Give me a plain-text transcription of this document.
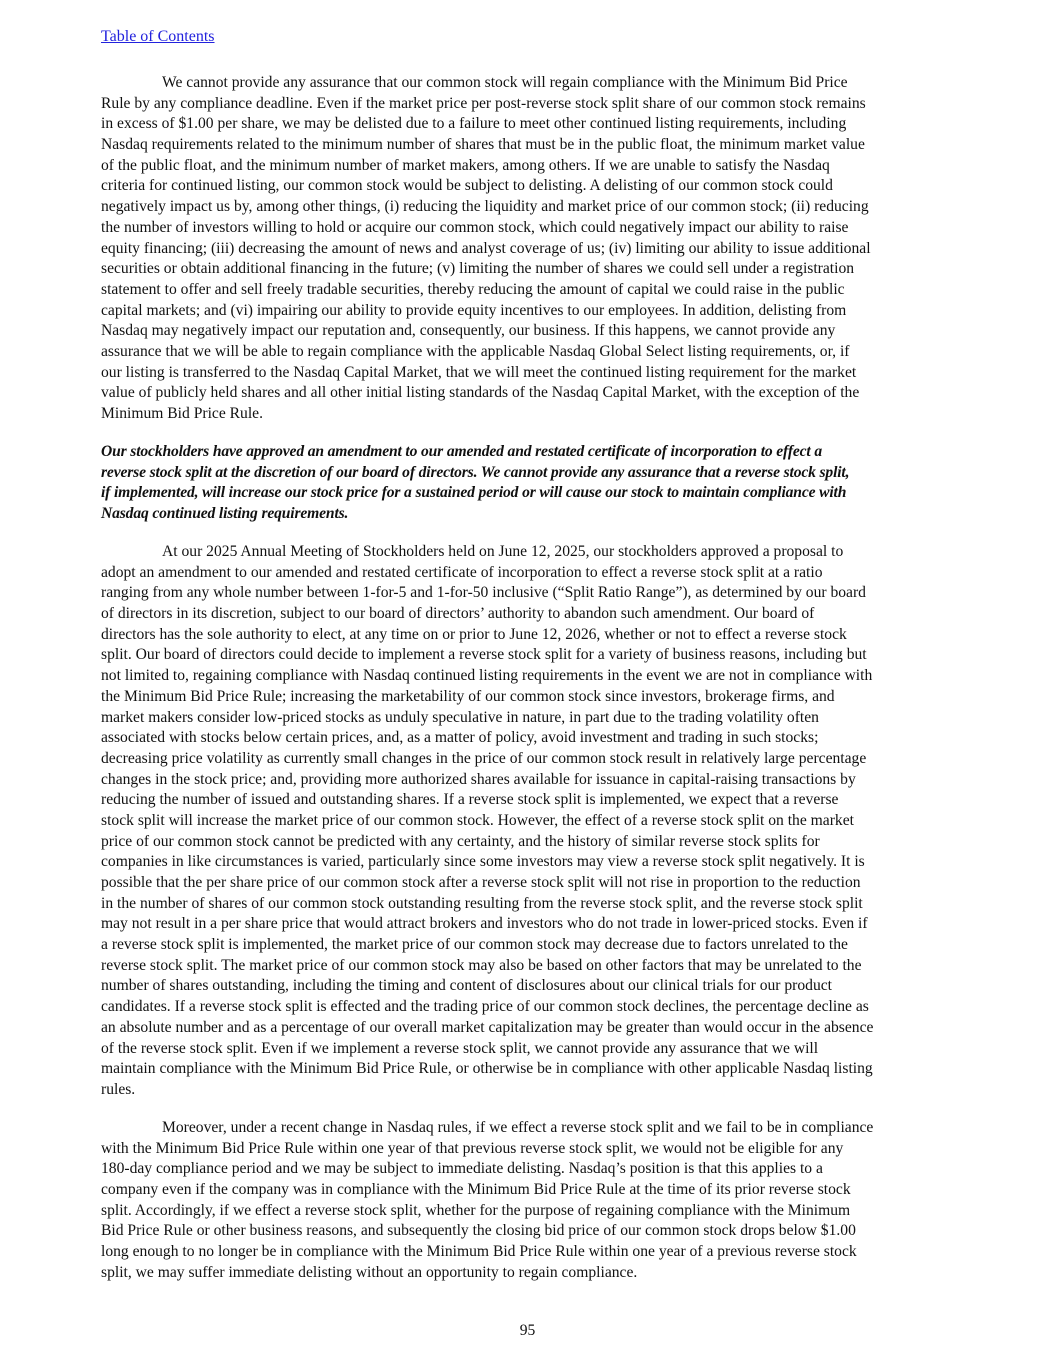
Table of Contents
We cannot provide any assurance that our common stock will regain compliance with the Minimum Bid Price
Rule by any compliance deadline. Even if the market price per post-reverse stock split share of our common stock remains
in excess of $1.00 per share, we may be delisted due to a failure to meet other continued listing requirements, including
Nasdaq requirements related to the minimum number of shares that must be in the public float, the minimum market value
of the public float, and the minimum number of market makers, among others. If we are unable to satisfy the Nasdaq
criteria for continued listing, our common stock would be subject to delisting. A delisting of our common stock could
negatively impact us by, among other things, (i) reducing the liquidity and market price of our common stock; (ii) reducing
the number of investors willing to hold or acquire our common stock, which could negatively impact our ability to raise
equity financing; (iii) decreasing the amount of news and analyst coverage of us; (iv) limiting our ability to issue additional
securities or obtain additional financing in the future; (v) limiting the number of shares we could sell under a registration
statement to offer and sell freely tradable securities, thereby reducing the amount of capital we could raise in the public
capital markets; and (vi) impairing our ability to provide equity incentives to our employees. In addition, delisting from
Nasdaq may negatively impact our reputation and, consequently, our business. If this happens, we cannot provide any
assurance that we will be able to regain compliance with the applicable Nasdaq Global Select listing requirements, or, if
our listing is transferred to the Nasdaq Capital Market, that we will meet the continued listing requirement for the market
value of publicly held shares and all other initial listing standards of the Nasdaq Capital Market, with the exception of the
Minimum Bid Price Rule.
Our stockholders have approved an amendment to our amended and restated certificate of incorporation to effect a
reverse stock split at the discretion of our board of directors. We cannot provide any assurance that a reverse stock split,
if implemented, will increase our stock price for a sustained period or will cause our stock to maintain compliance with
Nasdaq continued listing requirements.
At our 2025 Annual Meeting of Stockholders held on June 12, 2025, our stockholders approved a proposal to
adopt an amendment to our amended and restated certificate of incorporation to effect a reverse stock split at a ratio
ranging from any whole number between 1-for-5 and 1-for-50 inclusive (“Split Ratio Range”), as determined by our board
of directors in its discretion, subject to our board of directors’ authority to abandon such amendment. Our board of
directors has the sole authority to elect, at any time on or prior to June 12, 2026, whether or not to effect a reverse stock
split. Our board of directors could decide to implement a reverse stock split for a variety of business reasons, including but
not limited to, regaining compliance with Nasdaq continued listing requirements in the event we are not in compliance with
the Minimum Bid Price Rule; increasing the marketability of our common stock since investors, brokerage firms, and
market makers consider low-priced stocks as unduly speculative in nature, in part due to the trading volatility often
associated with stocks below certain prices, and, as a matter of policy, avoid investment and trading in such stocks;
decreasing price volatility as currently small changes in the price of our common stock result in relatively large percentage
changes in the stock price; and, providing more authorized shares available for issuance in capital-raising transactions by
reducing the number of issued and outstanding shares. If a reverse stock split is implemented, we expect that a reverse
stock split will increase the market price of our common stock. However, the effect of a reverse stock split on the market
price of our common stock cannot be predicted with any certainty, and the history of similar reverse stock splits for
companies in like circumstances is varied, particularly since some investors may view a reverse stock split negatively. It is
possible that the per share price of our common stock after a reverse stock split will not rise in proportion to the reduction
in the number of shares of our common stock outstanding resulting from the reverse stock split, and the reverse stock split
may not result in a per share price that would attract brokers and investors who do not trade in lower-priced stocks. Even if
a reverse stock split is implemented, the market price of our common stock may decrease due to factors unrelated to the
reverse stock split. The market price of our common stock may also be based on other factors that may be unrelated to the
number of shares outstanding, including the timing and content of disclosures about our clinical trials for our product
candidates. If a reverse stock split is effected and the trading price of our common stock declines, the percentage decline as
an absolute number and as a percentage of our overall market capitalization may be greater than would occur in the absence
of the reverse stock split. Even if we implement a reverse stock split, we cannot provide any assurance that we will
maintain compliance with the Minimum Bid Price Rule, or otherwise be in compliance with other applicable Nasdaq listing
rules.
Moreover, under a recent change in Nasdaq rules, if we effect a reverse stock split and we fail to be in compliance
with the Minimum Bid Price Rule within one year of that previous reverse stock split, we would not be eligible for any
180-day compliance period and we may be subject to immediate delisting. Nasdaq’s position is that this applies to a
company even if the company was in compliance with the Minimum Bid Price Rule at the time of its prior reverse stock
split. Accordingly, if we effect a reverse stock split, whether for the purpose of regaining compliance with the Minimum
Bid Price Rule or other business reasons, and subsequently the closing bid price of our common stock drops below $1.00
long enough to no longer be in compliance with the Minimum Bid Price Rule within one year of a previous reverse stock
split, we may suffer immediate delisting without an opportunity to regain compliance.
95
